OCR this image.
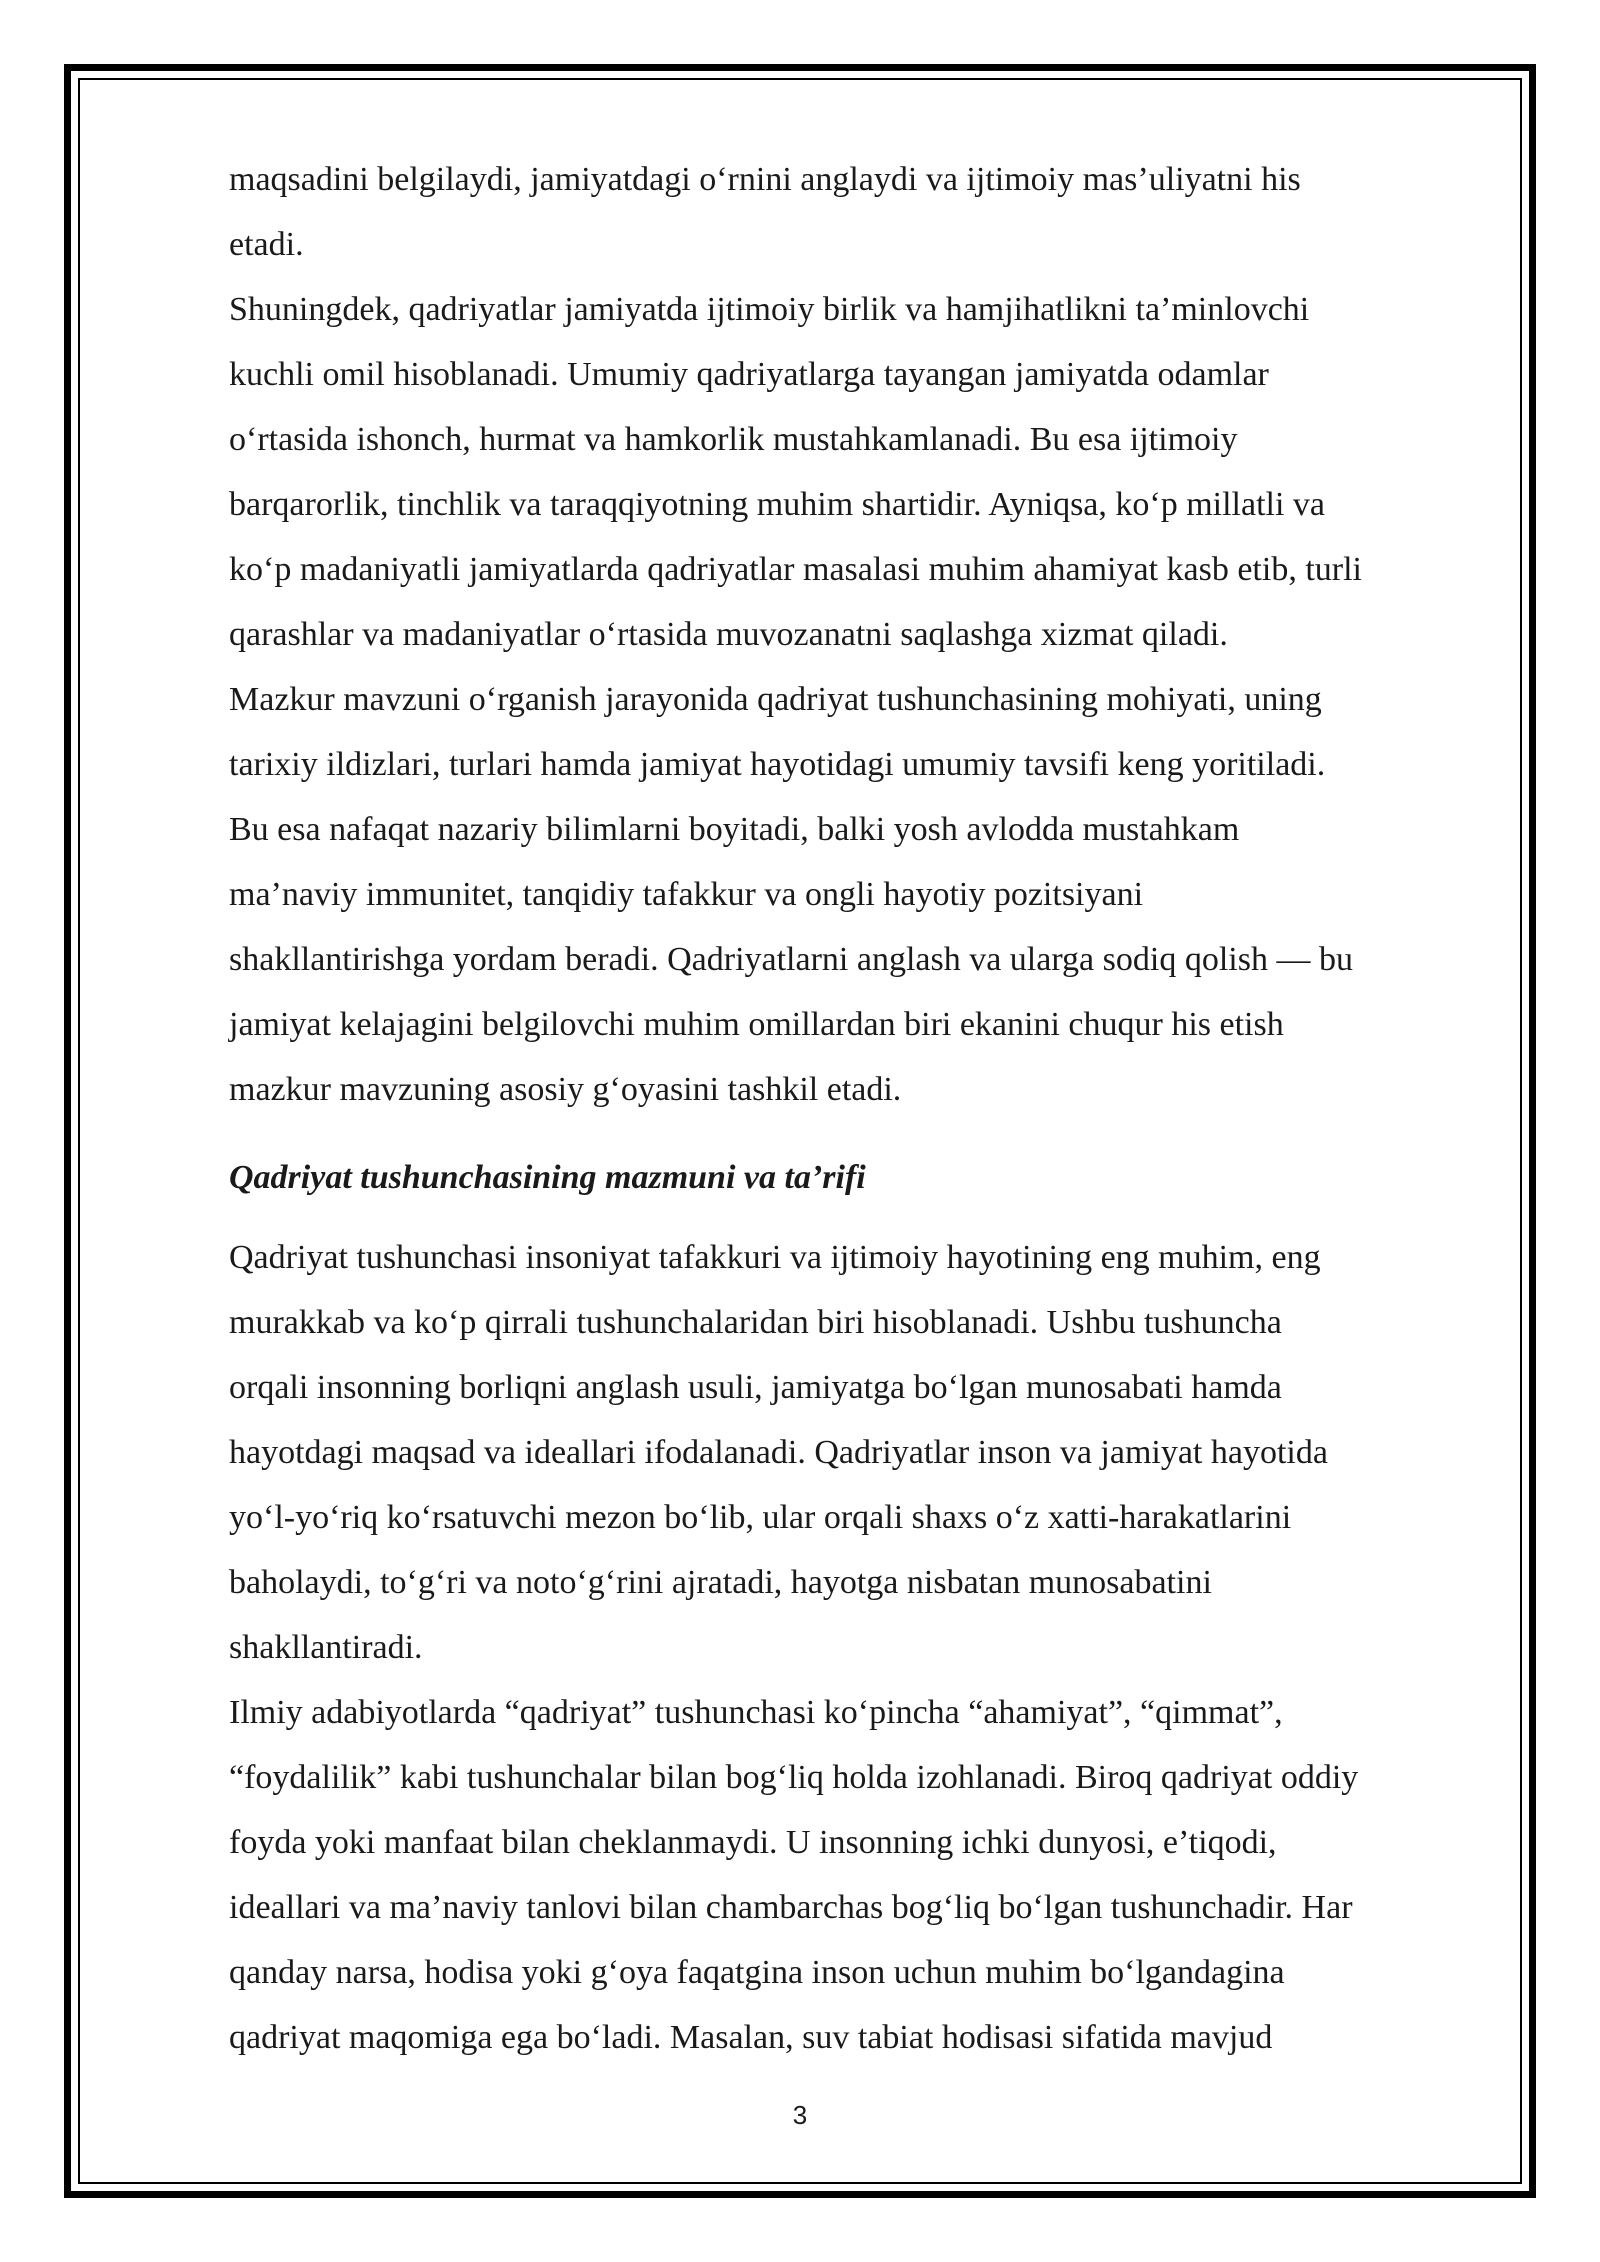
maqsadini belgilaydi, jamiyatdagi o‘rnini anglaydi va ijtimoiy mas’uliyatni his
etadi.
Shuningdek, qadriyatlar jamiyatda ijtimoiy birlik va hamjihatlikni ta’minlovchi
kuchli omil hisoblanadi. Umumiy qadriyatlarga tayangan jamiyatda odamlar
o‘rtasida ishonch, hurmat va hamkorlik mustahkamlanadi. Bu esa ijtimoiy
barqarorlik, tinchlik va taraqqiyotning muhim shartidir. Ayniqsa, ko‘p millatli va
ko‘p madaniyatli jamiyatlarda qadriyatlar masalasi muhim ahamiyat kasb etib, turli
qarashlar va madaniyatlar o‘rtasida muvozanatni saqlashga xizmat qiladi.
Mazkur mavzuni o‘rganish jarayonida qadriyat tushunchasining mohiyati, uning
tarixiy ildizlari, turlari hamda jamiyat hayotidagi umumiy tavsifi keng yoritiladi.
Bu esa nafaqat nazariy bilimlarni boyitadi, balki yosh avlodda mustahkam
ma’naviy immunitet, tanqidiy tafakkur va ongli hayotiy pozitsiyani
shakllantirishga yordam beradi. Qadriyatlarni anglash va ularga sodiq qolish — bu
jamiyat kelajagini belgilovchi muhim omillardan biri ekanini chuqur his etish
mazkur mavzuning asosiy g‘oyasini tashkil etadi.
Qadriyat tushunchasining mazmuni va ta’rifi
Qadriyat tushunchasi insoniyat tafakkuri va ijtimoiy hayotining eng muhim, eng
murakkab va ko‘p qirrali tushunchalaridan biri hisoblanadi. Ushbu tushuncha
orqali insonning borliqni anglash usuli, jamiyatga bo‘lgan munosabati hamda
hayotdagi maqsad va ideallari ifodalanadi. Qadriyatlar inson va jamiyat hayotida
yo‘l-yo‘riq ko‘rsatuvchi mezon bo‘lib, ular orqali shaxs o‘z xatti-harakatlarini
baholaydi, to‘g‘ri va noto‘g‘rini ajratadi, hayotga nisbatan munosabatini
shakllantiradi.
Ilmiy adabiyotlarda “qadriyat” tushunchasi ko‘pincha “ahamiyat”, “qimmat”,
“foydalilik” kabi tushunchalar bilan bog‘liq holda izohlanadi. Biroq qadriyat oddiy
foyda yoki manfaat bilan cheklanmaydi. U insonning ichki dunyosi, e’tiqodi,
ideallari va ma’naviy tanlovi bilan chambarchas bog‘liq bo‘lgan tushunchadir. Har
qanday narsa, hodisa yoki g‘oya faqatgina inson uchun muhim bo‘lgandagina
qadriyat maqomiga ega bo‘ladi. Masalan, suv tabiat hodisasi sifatida mavjud
3
